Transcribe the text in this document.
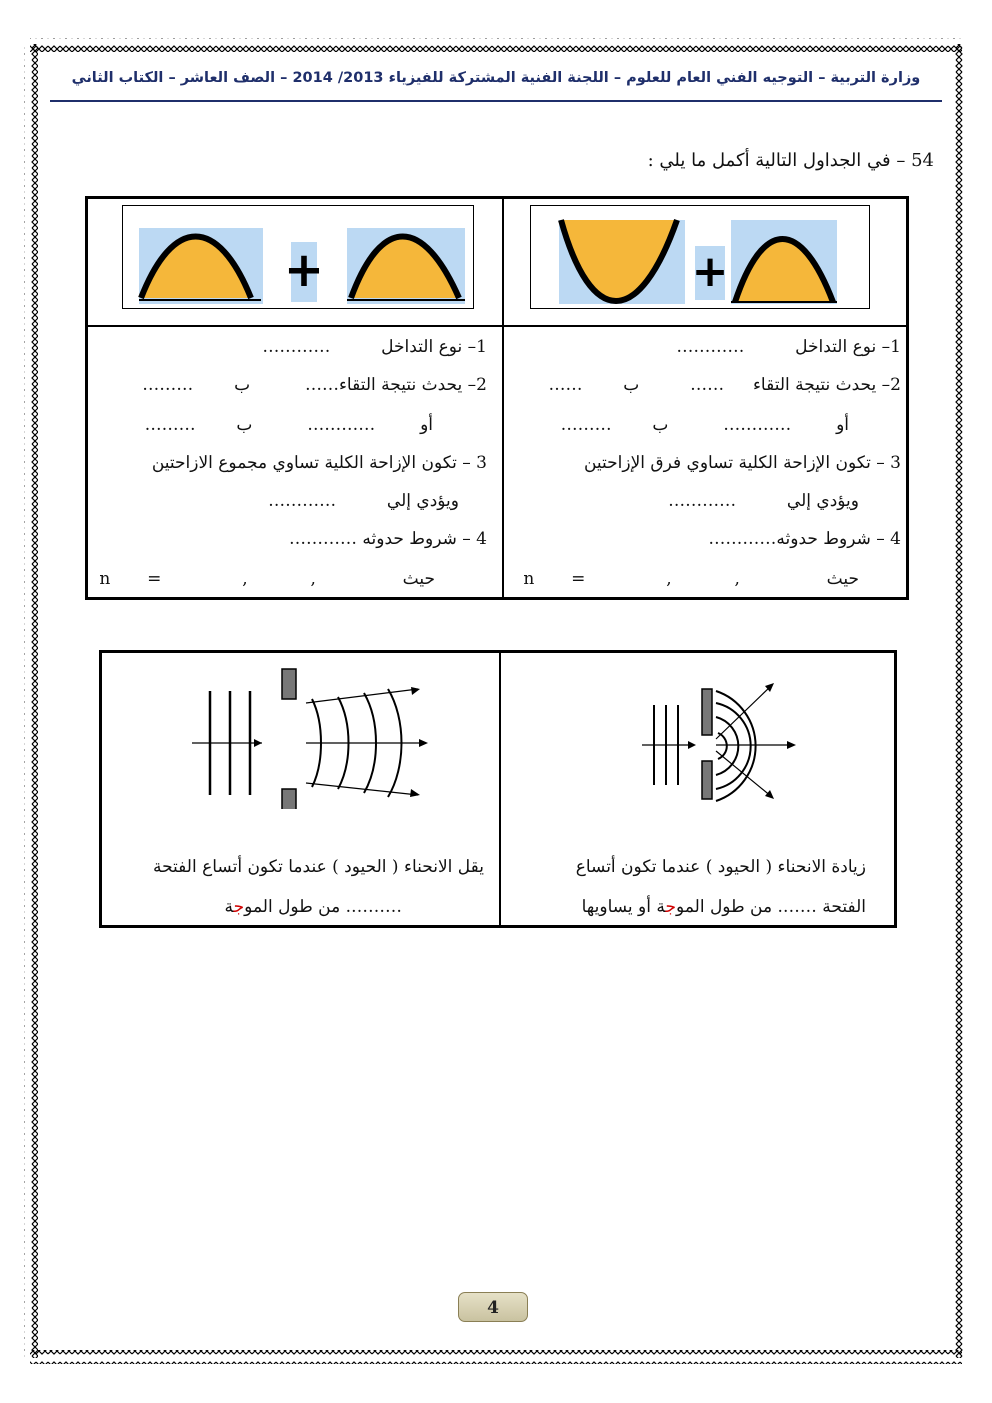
وزارة التربية – التوجيه الفني العام للعلوم – اللجنة الفنية المشتركة للفيزياء 2013/ 2014 – الصف العاشر – الكتاب الثاني
54 – في الجداول التالية أكمل ما يلي :
+	+
1– نوع التداخل  …………
2– يحدث نتيجة التقاء  ……  ب  ……
أو  …………  ب  ………
3 – تكون الإزاحة الكلية تساوي فرق الإزاحتين
ويؤدي إلي  …………
4 – شروط حدوثه…………
حيث  ,  ,  =  n
1– نوع التداخل  …………
2– يحدث نتيجة التقاء……  ب  ………
أو  …………  ب  ………
3 – تكون الإزاحة الكلية تساوي مجموع الازاحتين
ويؤدي إلي  …………
4 – شروط حدوثه …………
حيث  ,  ,  =  n
زيادة الانحناء ( الحيود ) عندما تكون أتساع
الفتحة ……. من طول الموجة أو يساويها
يقل الانحناء ( الحيود ) عندما تكون أتساع الفتحة
………. من طول الموجة
4
